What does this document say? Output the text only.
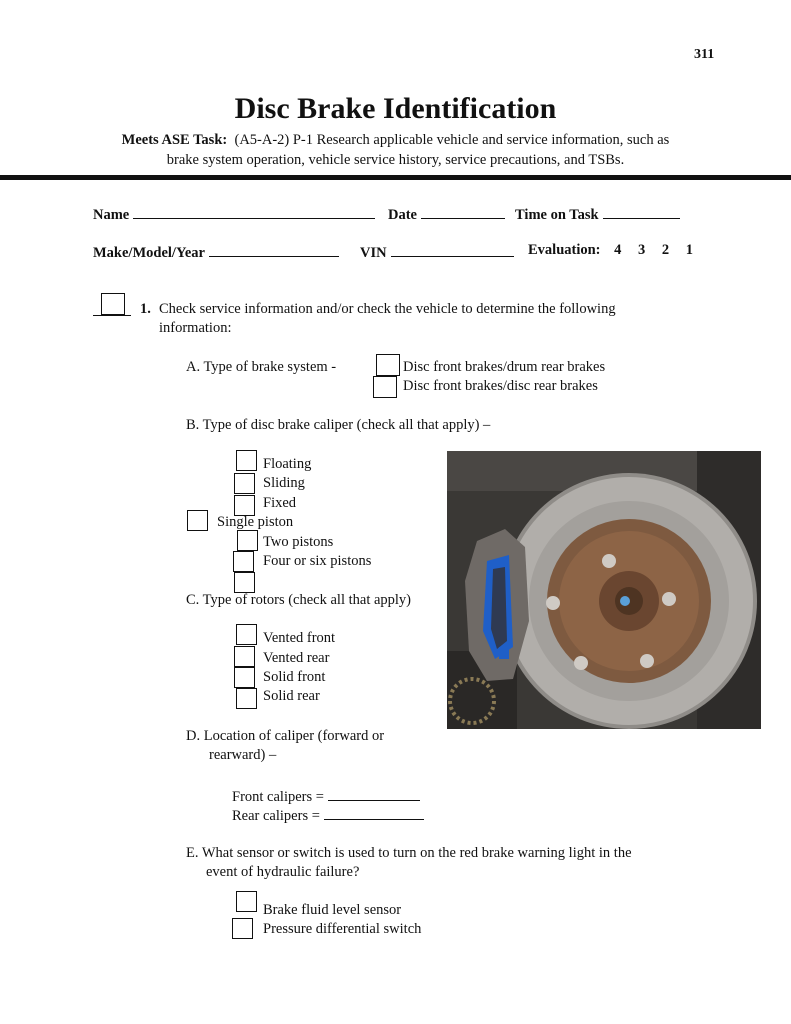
311
Disc Brake Identification
Meets ASE Task: (A5-A-2) P-1 Research applicable vehicle and service information, such as
brake system operation, vehicle service history, service precautions, and TSBs.
Name	Date	Time on Task
Make/Model/Year	VIN	Evaluation: 4 3 2 1
1. Check service information and/or check the vehicle to determine the following
information:
A. Type of brake system -	Disc front brakes/drum rear brakes
Disc front brakes/disc rear brakes
B. Type of disc brake caliper (check all that apply) –
Floating
Sliding
Fixed
Single piston
Two pistons
Four or six pistons
C. Type of rotors (check all that apply)
Vented front
Vented rear
Solid front
Solid rear
D. Location of caliper (forward or
rearward) –
Front calipers =
Rear calipers =
E. What sensor or switch is used to turn on the red brake warning light in the
event of hydraulic failure?
Brake fluid level sensor
Pressure differential switch
